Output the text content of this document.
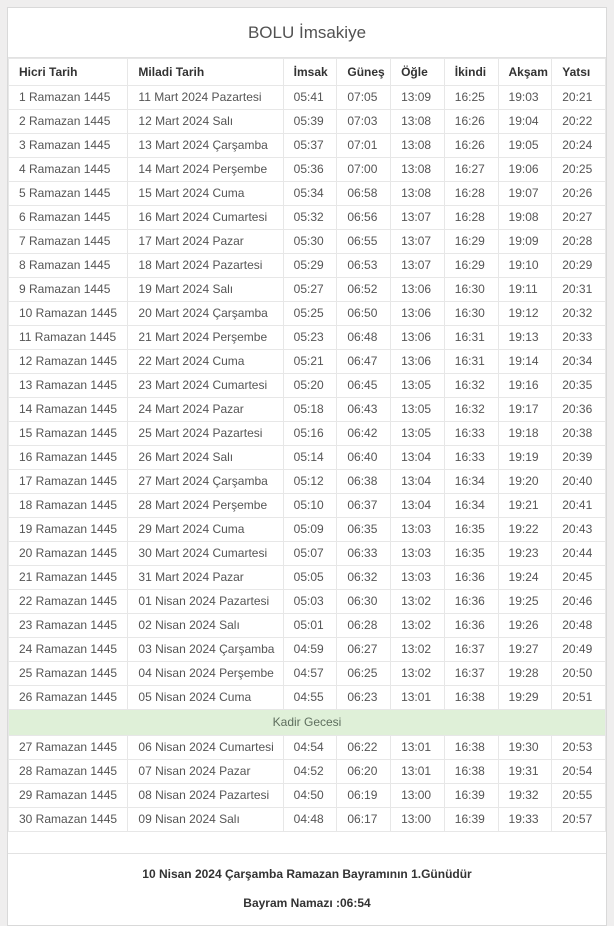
BOLU İmsakiye
Hicri Tarih	Miladi Tarih	İmsak	Güneş	Öğle	İkindi	Akşam	Yatsı
1 Ramazan 1445	11 Mart 2024 Pazartesi	05:41	07:05	13:09	16:25	19:03	20:21
2 Ramazan 1445	12 Mart 2024 Salı	05:39	07:03	13:08	16:26	19:04	20:22
3 Ramazan 1445	13 Mart 2024 Çarşamba	05:37	07:01	13:08	16:26	19:05	20:24
4 Ramazan 1445	14 Mart 2024 Perşembe	05:36	07:00	13:08	16:27	19:06	20:25
5 Ramazan 1445	15 Mart 2024 Cuma	05:34	06:58	13:08	16:28	19:07	20:26
6 Ramazan 1445	16 Mart 2024 Cumartesi	05:32	06:56	13:07	16:28	19:08	20:27
7 Ramazan 1445	17 Mart 2024 Pazar	05:30	06:55	13:07	16:29	19:09	20:28
8 Ramazan 1445	18 Mart 2024 Pazartesi	05:29	06:53	13:07	16:29	19:10	20:29
9 Ramazan 1445	19 Mart 2024 Salı	05:27	06:52	13:06	16:30	19:11	20:31
10 Ramazan 1445	20 Mart 2024 Çarşamba	05:25	06:50	13:06	16:30	19:12	20:32
11 Ramazan 1445	21 Mart 2024 Perşembe	05:23	06:48	13:06	16:31	19:13	20:33
12 Ramazan 1445	22 Mart 2024 Cuma	05:21	06:47	13:06	16:31	19:14	20:34
13 Ramazan 1445	23 Mart 2024 Cumartesi	05:20	06:45	13:05	16:32	19:16	20:35
14 Ramazan 1445	24 Mart 2024 Pazar	05:18	06:43	13:05	16:32	19:17	20:36
15 Ramazan 1445	25 Mart 2024 Pazartesi	05:16	06:42	13:05	16:33	19:18	20:38
16 Ramazan 1445	26 Mart 2024 Salı	05:14	06:40	13:04	16:33	19:19	20:39
17 Ramazan 1445	27 Mart 2024 Çarşamba	05:12	06:38	13:04	16:34	19:20	20:40
18 Ramazan 1445	28 Mart 2024 Perşembe	05:10	06:37	13:04	16:34	19:21	20:41
19 Ramazan 1445	29 Mart 2024 Cuma	05:09	06:35	13:03	16:35	19:22	20:43
20 Ramazan 1445	30 Mart 2024 Cumartesi	05:07	06:33	13:03	16:35	19:23	20:44
21 Ramazan 1445	31 Mart 2024 Pazar	05:05	06:32	13:03	16:36	19:24	20:45
22 Ramazan 1445	01 Nisan 2024 Pazartesi	05:03	06:30	13:02	16:36	19:25	20:46
23 Ramazan 1445	02 Nisan 2024 Salı	05:01	06:28	13:02	16:36	19:26	20:48
24 Ramazan 1445	03 Nisan 2024 Çarşamba	04:59	06:27	13:02	16:37	19:27	20:49
25 Ramazan 1445	04 Nisan 2024 Perşembe	04:57	06:25	13:02	16:37	19:28	20:50
26 Ramazan 1445	05 Nisan 2024 Cuma	04:55	06:23	13:01	16:38	19:29	20:51
Kadir Gecesi							
27 Ramazan 1445	06 Nisan 2024 Cumartesi	04:54	06:22	13:01	16:38	19:30	20:53
28 Ramazan 1445	07 Nisan 2024 Pazar	04:52	06:20	13:01	16:38	19:31	20:54
29 Ramazan 1445	08 Nisan 2024 Pazartesi	04:50	06:19	13:00	16:39	19:32	20:55
30 Ramazan 1445	09 Nisan 2024 Salı	04:48	06:17	13:00	16:39	19:33	20:57
10 Nisan 2024 Çarşamba Ramazan Bayramının 1.Günüdür
Bayram Namazı :06:54
